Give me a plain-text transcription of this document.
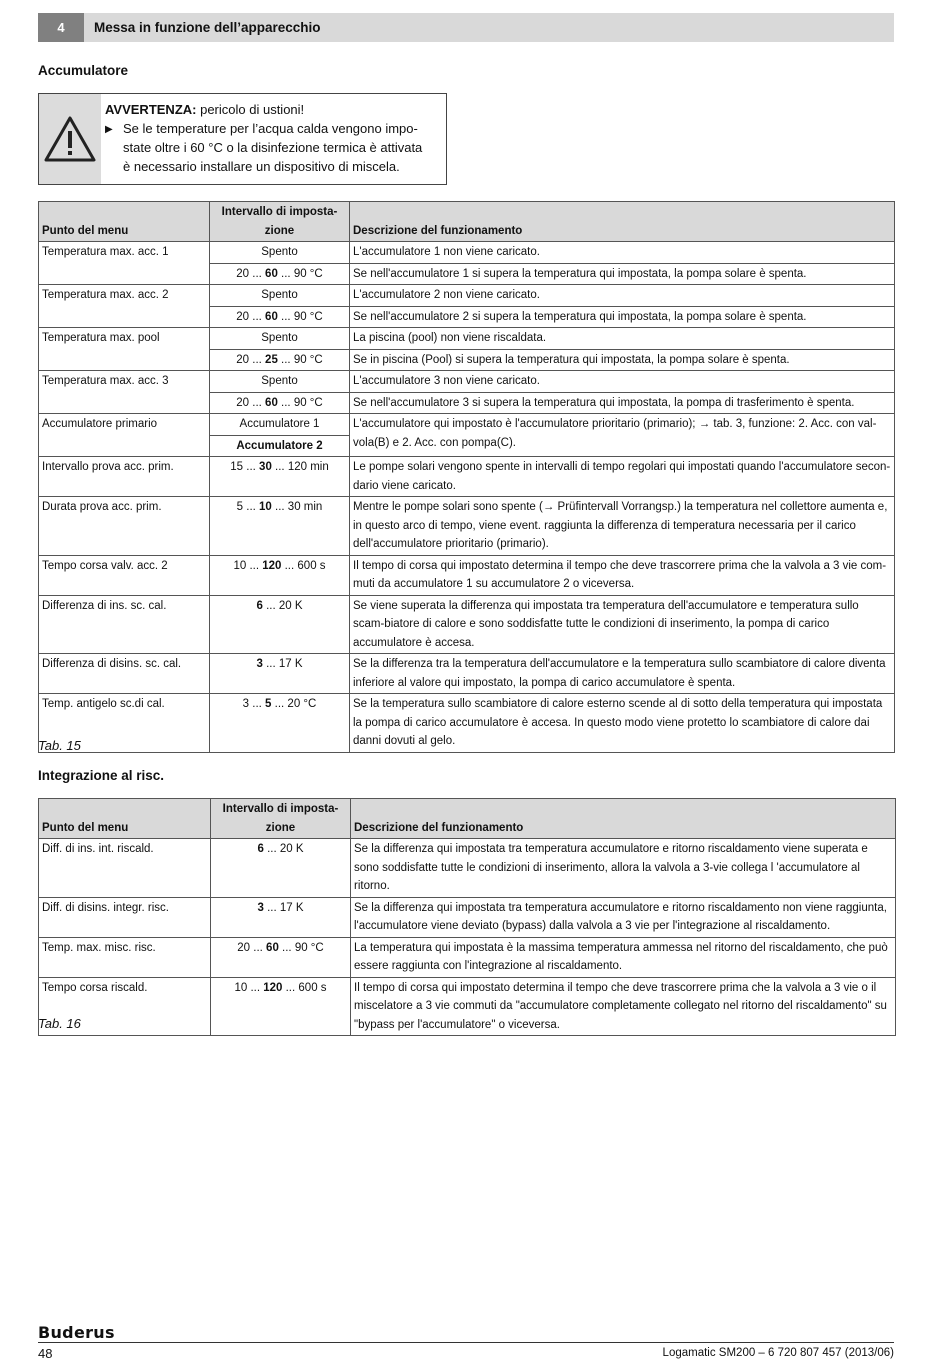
4	Messa in funzione dell’apparecchio
Accumulatore
AVVERTENZA: pericolo di ustioni!
▶ Se le temperature per l’acqua calda vengono impo-
state oltre i 60 °C o la disinfezione termica è attivata
è necessario installare un dispositivo di miscela.
Punto del menu	Intervallo di imposta-
zione	Descrizione del funzionamento
Temperatura max. acc. 1	Spento	L'accumulatore 1 non viene caricato.
	20 ... 60 ... 90 °C	Se nell'accumulatore 1 si supera la temperatura qui impostata, la pompa solare è spenta.
Temperatura max. acc. 2	Spento	L'accumulatore 2 non viene caricato.
	20 ... 60 ... 90 °C	Se nell'accumulatore 2 si supera la temperatura qui impostata, la pompa solare è spenta.
Temperatura max. pool	Spento	La piscina (pool) non viene riscaldata.
	20 ... 25 ... 90 °C	Se in piscina (Pool) si supera la temperatura qui impostata, la pompa solare è spenta.
Temperatura max. acc. 3	Spento	L'accumulatore 3 non viene caricato.
	20 ... 60 ... 90 °C	Se nell'accumulatore 3 si supera la temperatura qui impostata, la pompa di trasferimento è spenta.
Accumulatore primario	Accumulatore 1	L'accumulatore qui impostato è l'accumulatore prioritario (primario); → tab. 3, funzione: 2. Acc. con val-vola(B) e 2. Acc. con pompa(C).
	Accumulatore 2	
Intervallo prova acc. prim.	15 ... 30 ... 120 min	Le pompe solari vengono spente in intervalli di tempo regolari qui impostati quando l'accumulatore secon-dario viene caricato.
Durata prova acc. prim.	5 ... 10 ... 30 min	Mentre le pompe solari sono spente (→ Prüfintervall Vorrangsp.) la temperatura nel collettore aumenta e, in questo arco di tempo, viene event. raggiunta la differenza di temperatura necessaria per il carico dell'accumulatore prioritario (primario).
Tempo corsa valv. acc. 2	10 ... 120 ... 600 s	Il tempo di corsa qui impostato determina il tempo che deve trascorrere prima che la valvola a 3 vie com-muti da accumulatore 1 su accumulatore 2 o viceversa.
Differenza di ins. sc. cal.	6 ... 20 K	Se viene superata la differenza qui impostata tra temperatura dell'accumulatore e temperatura sullo scam-biatore di calore e sono soddisfatte tutte le condizioni di inserimento, la pompa di carico accumulatore è accesa.
Differenza di disins. sc. cal.	3 ... 17 K	Se la differenza tra la temperatura dell'accumulatore e la temperatura sullo scambiatore di calore diventa inferiore al valore qui impostato, la pompa di carico accumulatore è spenta.
Temp. antigelo sc.di cal.	3 ... 5 ... 20 °C	Se la temperatura sullo scambiatore di calore esterno scende al di sotto della temperatura qui impostata la pompa di carico accumulatore è accesa. In questo modo viene protetto lo scambiatore di calore dai danni dovuti al gelo.
Tab. 15
Integrazione al risc.
Punto del menu	Intervallo di imposta-
zione	Descrizione del funzionamento
Diff. di ins. int. riscald.	6 ... 20 K	Se la differenza qui impostata tra temperatura accumulatore e ritorno riscaldamento viene superata e sono soddisfatte tutte le condizioni di inserimento, allora la valvola a 3-vie collega l 'accumulatore al ritorno.
Diff. di disins. integr. risc.	3 ... 17 K	Se la differenza qui impostata tra temperatura accumulatore e ritorno riscaldamento non viene raggiunta, l'accumulatore viene deviato (bypass) dalla valvola a 3 vie per l'integrazione al riscaldamento.
Temp. max. misc. risc.	20 ... 60 ... 90 °C	La temperatura qui impostata è la massima temperatura ammessa nel ritorno del riscaldamento, che può essere raggiunta con l'integrazione al riscaldamento.
Tempo corsa riscald.	10 ... 120 ... 600 s	Il tempo di corsa qui impostato determina il tempo che deve trascorrere prima che la valvola a 3 vie o il miscelatore a 3 vie commuti da "accumulatore completamente collegato nel ritorno del riscaldamento" su "bypass per l'accumulatore" o viceversa.
Tab. 16
Buderus
48	Logamatic SM200 – 6 720 807 457 (2013/06)
